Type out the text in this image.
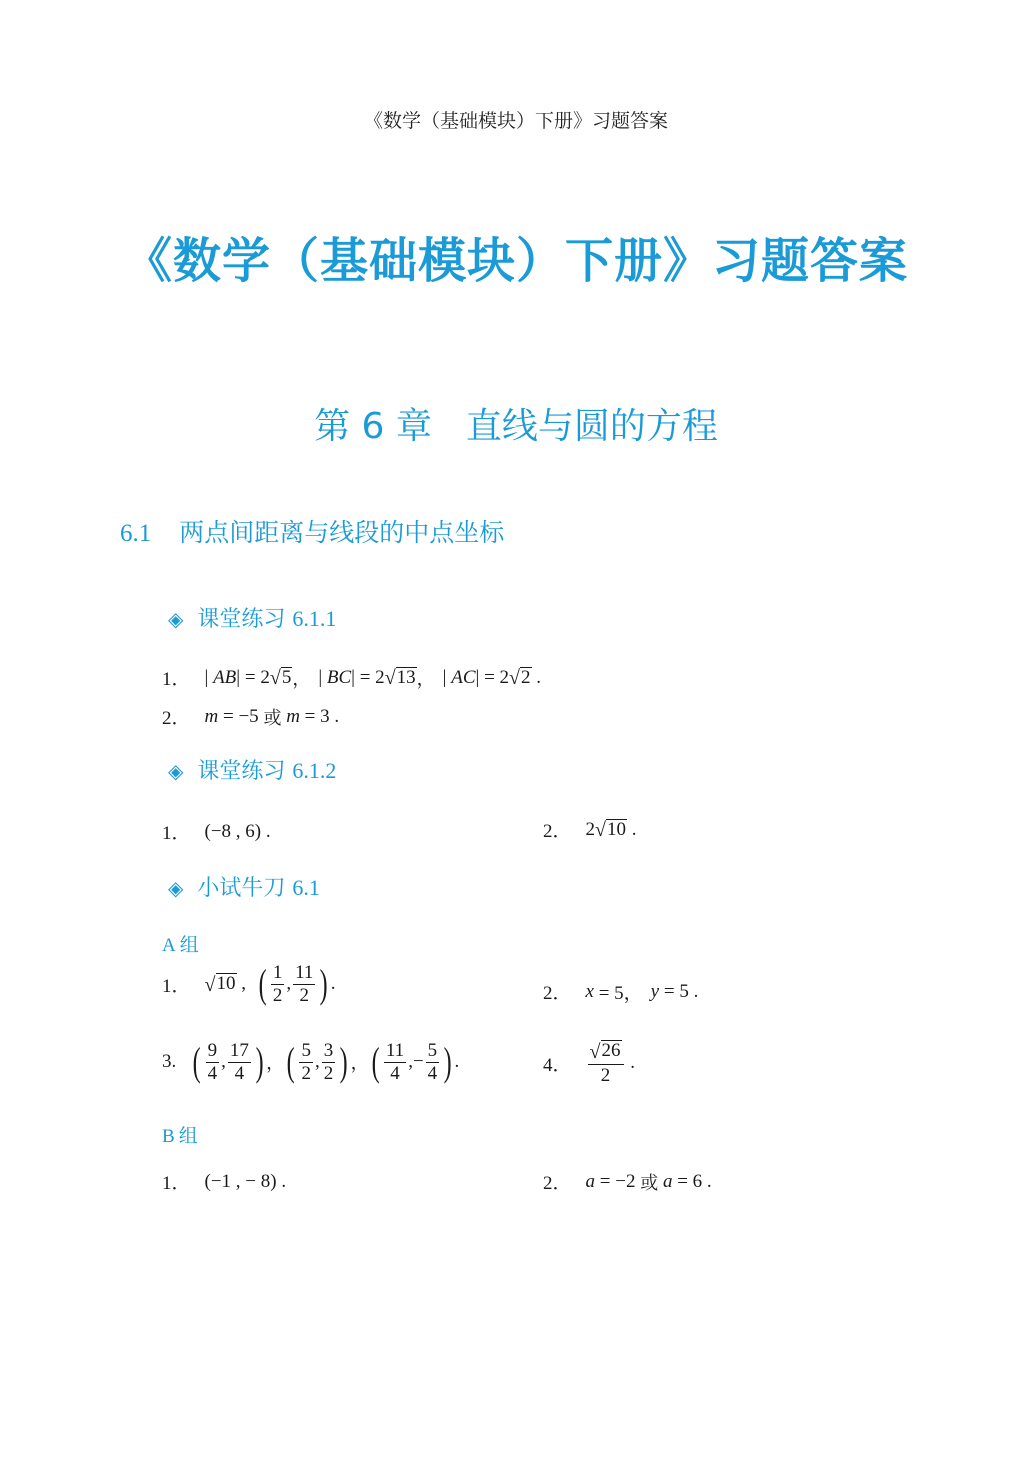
《数学（基础模块）下册》习题答案
《数学（基础模块）下册》习题答案
第 6 章 直线与圆的方程
6.1 两点间距离与线段的中点坐标
◈ 课堂练习 6.1.1
1． | AB | = 2 √ 5 ， | BC | = 2 √ 13 ， | AC | = 2 √ 2 .
2． m = −5 或
m = 3 .
◈ 课堂练习 6.1.2
1． (−8 , 6) .	2． 2 √ 10 .
◈ 小试牛刀 6.1
A 组
1． √ 10 , ( $\frac{1}{2}$ , $\frac{11}{2}$ ) .	2． x = 5， y = 5 .
3. ( $\frac{9}{4}$ , $\frac{17}{4}$ ) ， ( $\frac{5}{2}$ , $\frac{3}{2}$ ) ， ( $\frac{11}{4}$ ,− $\frac{5}{4}$ ) .	4． $\frac{√ 26}{2}$ .
B 组
1． (−1 , − 8) .	2． a = −2 或
a = 6 .
